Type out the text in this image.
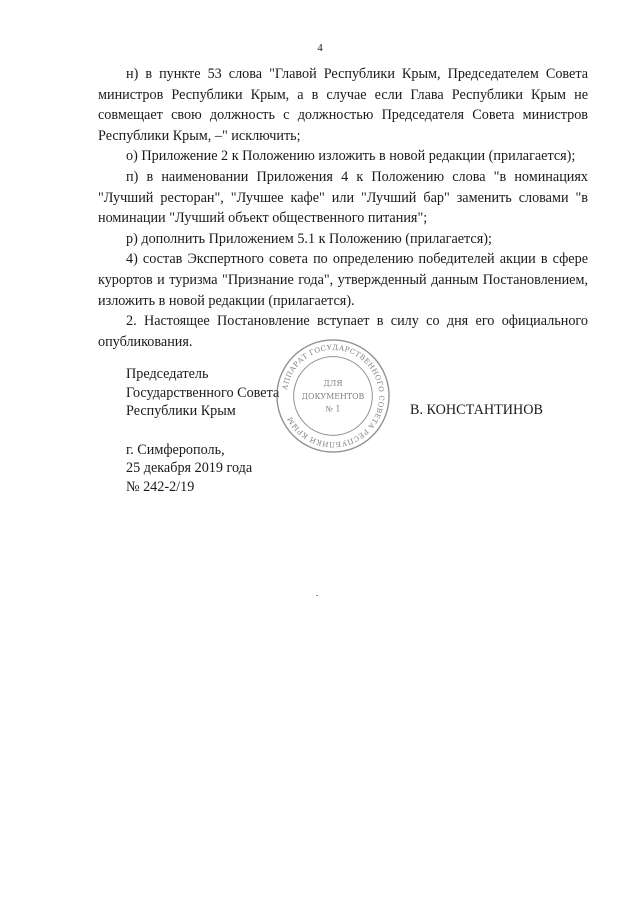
4

н) в пункте 53 слова "Главой Республики Крым, Председателем Совета министров Республики Крым, а в случае если Глава Республики Крым не совмещает свою должность с должностью Председателя Совета министров Республики Крым, –" исключить;

о) Приложение 2 к Положению изложить в новой редакции (прилагается);

п) в наименовании Приложения 4 к Положению слова "в номинациях "Лучший ресторан", "Лучшее кафе" или "Лучший бар" заменить словами "в номинации "Лучший объект общественного питания";

р) дополнить Приложением 5.1 к Положению (прилагается);

4) состав Экспертного совета по определению победителей акции в сфере курортов и туризма "Признание года", утвержденный данным Постановлением, изложить в новой редакции (прилагается).

2. Настоящее Постановление вступает в силу со дня его официального опубликования.

Председатель
Государственного Совета
Республики Крым	В. КОНСТАНТИНОВ
г. Симферополь,
25 декабря 2019 года
№ 242-2/19
АППАРАТ ГОСУДАРСТВЕННОГО СОВЕТА РЕСПУБЛИКИ КРЫМ
ДЛЯ
ДОКУМЕНТОВ
№ 1
